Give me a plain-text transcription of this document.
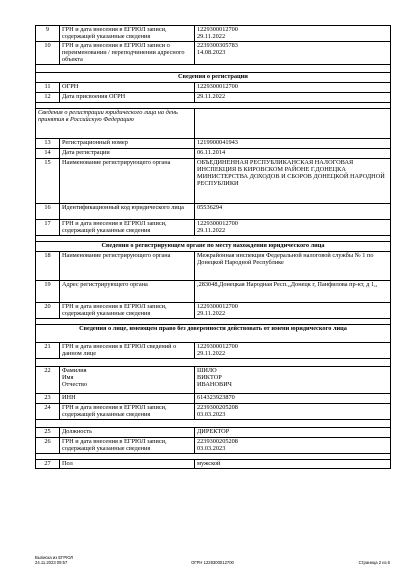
9	ГРН и дата внесения в ЕГРЮЛ записи, содержащей указанные сведения	1229300012700
29.11.2022
10	ГРН и дата внесения в ЕГРЮЛ записи о переименовании / переподчинении адресного объекта	2239300305783
14.08.2023

Сведения о регистрации		
11	ОГРН	1229300012700
12	Дата присвоения ОГРН	29.11.2022

Сведения о регистрации юридического лица на день принятия в Российскую Федерацию		
13	Регистрационный номер	1219900041943
14	Дата регистрации	06.11.2014
15	Наименование регистрирующего органа	ОБЪЕДИНЕННАЯ РЕСПУБЛИКАНСКАЯ НАЛОГОВАЯ ИНСПЕКЦИЯ В КИРОВСКОМ РАЙОНЕ Г.ДОНЕЦКА МИНИСТЕРСТВА ДОХОДОВ И СБОРОВ ДОНЕЦКОЙ НАРОДНОЙ РЕСПУБЛИКИ
16	Идентификационный код юридического лица	05536294
17	ГРН и дата внесения в ЕГРЮЛ записи, содержащей указанные сведения	1229300012700
29.11.2022

Сведения о регистрирующем органе по месту нахождения юридического лица		
18	Наименование регистрирующего органа	Межрайонная инспекция Федеральной налоговой службы № 1 по Донецкой Народной Республике
19	Адрес регистрирующего органа	,283048,Донецкая Народная Респ.,,Донецк г, Панфилова пр-кт, д 1,,
20	ГРН и дата внесения в ЕГРЮЛ записи, содержащей указанные сведения	1229300012700
29.11.2022

Сведения о лице, имеющем право без доверенности действовать от имени юридического лица		
21	ГРН и дата внесения в ЕГРЮЛ сведений о данном лице	1229300012700
29.11.2022

22	Фамилия
Имя
Отчество	ШИЛО
ВИКТОР
ИВАНОВИЧ
23	ИНН	614323923870
24	ГРН и дата внесения в ЕГРЮЛ записи, содержащей указанные сведения	2239300205208
03.03.2023

25	Должность	ДИРЕКТОР
26	ГРН и дата внесения в ЕГРЮЛ записи, содержащей указанные сведения	2239300205208
03.03.2023

27	Пол	мужской
Выписка из ЕГРЮЛ
24.11.2023 09:57	ОГРН 1229300012700	Страница 2 из 6
